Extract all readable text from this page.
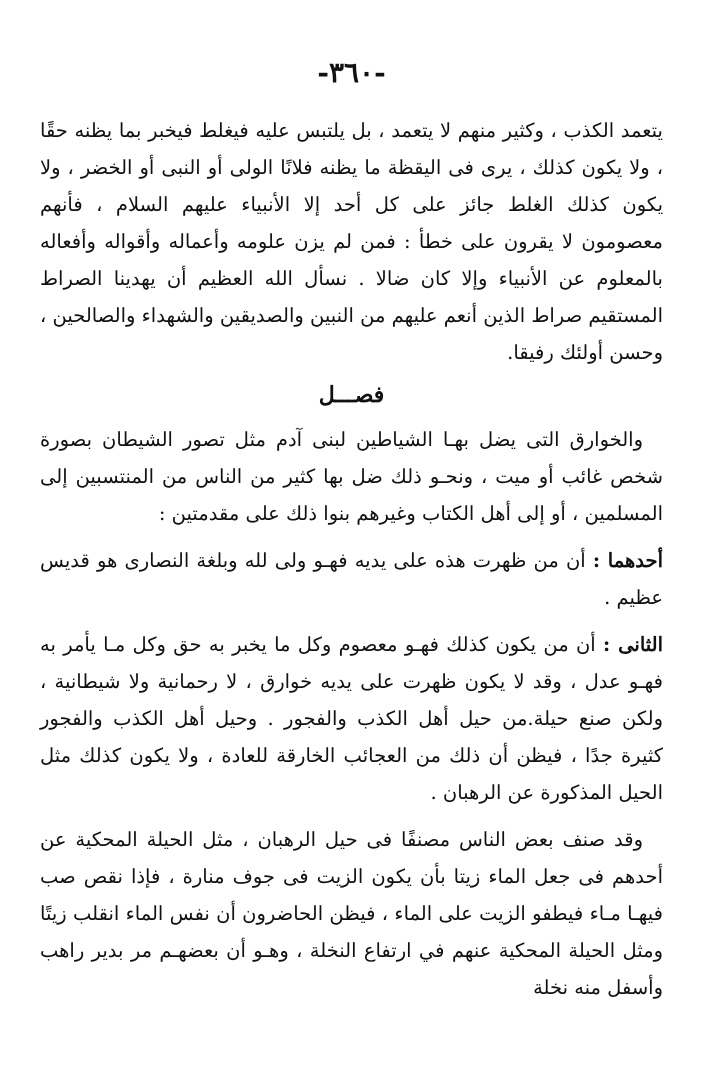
-٣٦٠-

يتعمد الكذب ، وكثير منهم لا يتعمد ، بل يلتبس عليه فيغلط فيخبر بما يظنه حقًا ، ولا يكون كذلك ، يرى فى اليقظة ما يظنه فلانًا الولى أو النبى أو الخضر ، ولا يكون كذلك الغلط جائز على كل أحد إلا الأنبياء عليهم السلام ، فأنهم معصومون لا يقرون على خطأ : فمن لم يزن علومه وأعماله وأقواله وأفعاله بالمعلوم عن الأنبياء وإلا كان ضالا . نسأل الله العظيم أن يهدينا الصراط المستقيم صراط الذين أنعم عليهم من النبين والصديقين والشهداء والصالحين ، وحسن أولئك رفيقا.

فصـــل

والخوارق التى يضل بهـا الشياطين لبنى آدم مثل تصور الشيطان بصورة شخص غائب أو ميت ، ونحـو ذلك ضل بها كثير من الناس من المنتسبين إلى المسلمين ، أو إلى أهل الكتاب وغيرهم بنوا ذلك على مقدمتين :

أحدهما : أن من ظهرت هذه على يديه فهـو ولى لله وبلغة النصارى هو قديس عظيم .

الثانى : أن من يكون كذلك فهـو معصوم وكل ما يخبر به حق وكل مـا يأمر به فهـو عدل ، وقد لا يكون ظهرت على يديه خوارق ، لا رحمانية ولا شيطانية ، ولكن صنع حيلة.من حيل أهل الكذب والفجور . وحيل أهل الكذب والفجور كثيرة جدًا ، فيظن أن ذلك من العجائب الخارقة للعادة ، ولا يكون كذلك مثل الحيل المذكورة عن الرهبان .

وقد صنف بعض الناس مصنفًا فى حيل الرهبان ، مثل الحيلة المحكية عن أحدهم فى جعل الماء زيتا بأن يكون الزيت فى جوف منارة ، فإذا نقص صب فيهـا مـاء فيطفو الزيت على الماء ، فيظن الحاضرون أن نفس الماء انقلب زيتًا ومثل الحيلة المحكية عنهم في ارتفاع النخلة ، وهـو أن بعضهـم مر بدير راهب وأسفل منه نخلة
